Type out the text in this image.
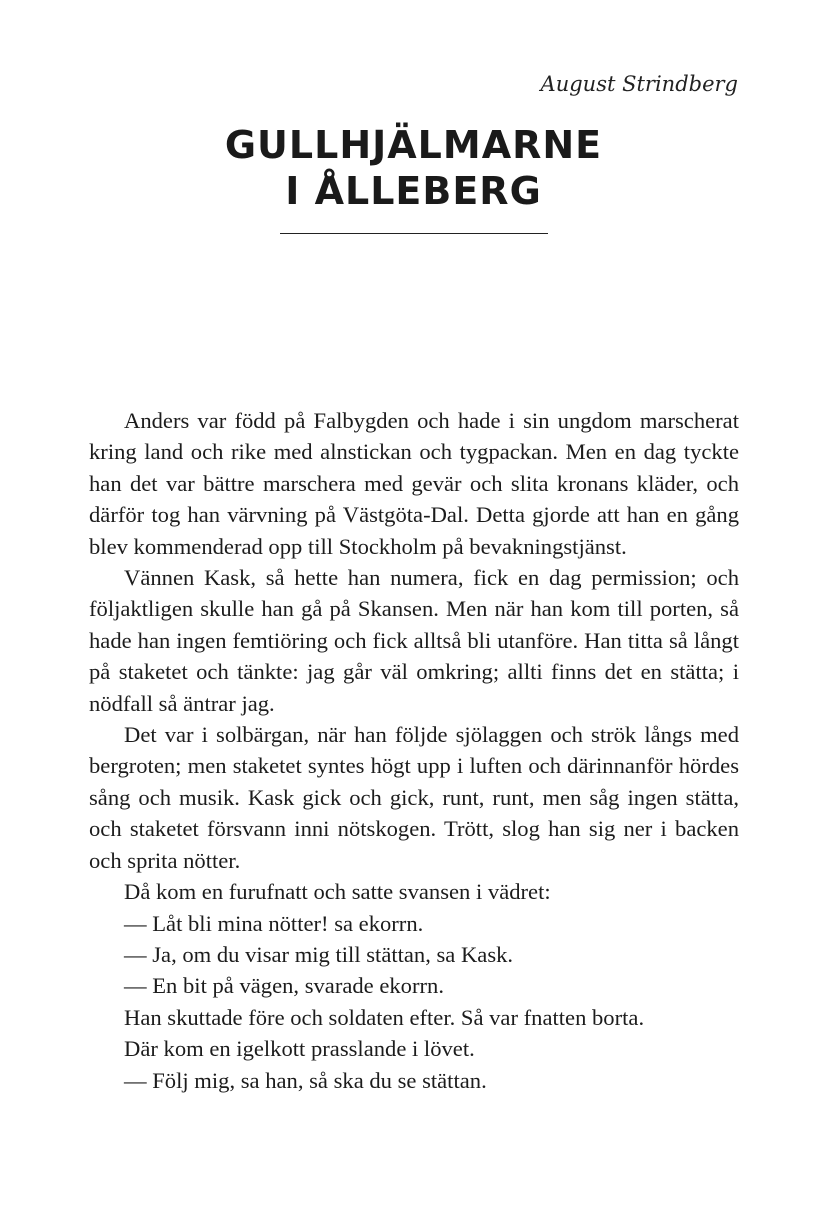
August Strindberg
GULLHJÄLMARNE
I ÅLLEBERG

Anders var född på Falbygden och hade i sin ungdom marscherat kring land och rike med alnstickan och tygpackan. Men en dag tyckte han det var bättre marschera med gevär och slita kronans kläder, och därför tog han värvning på Västgöta-Dal. Detta gjorde att han en gång blev kommenderad opp till Stockholm på bevakningstjänst.

Vännen Kask, så hette han numera, fick en dag permission; och följaktligen skulle han gå på Skansen. Men när han kom till porten, så hade han ingen femtiöring och fick alltså bli utanföre. Han titta så långt på staketet och tänkte: jag går väl omkring; allti finns det en stätta; i nödfall så äntrar jag.

Det var i solbärgan, när han följde sjölaggen och strök långs med bergroten; men staketet syntes högt upp i luften och därinnanför hördes sång och musik. Kask gick och gick, runt, runt, men såg ingen stätta, och staketet försvann inni nötskogen. Trött, slog han sig ner i backen och sprita nötter.

Då kom en furufnatt och satte svansen i vädret:

— Låt bli mina nötter! sa ekorrn.

— Ja, om du visar mig till stättan, sa Kask.

— En bit på vägen, svarade ekorrn.

Han skuttade före och soldaten efter. Så var fnatten borta.

Där kom en igelkott prasslande i lövet.

— Följ mig, sa han, så ska du se stättan.
